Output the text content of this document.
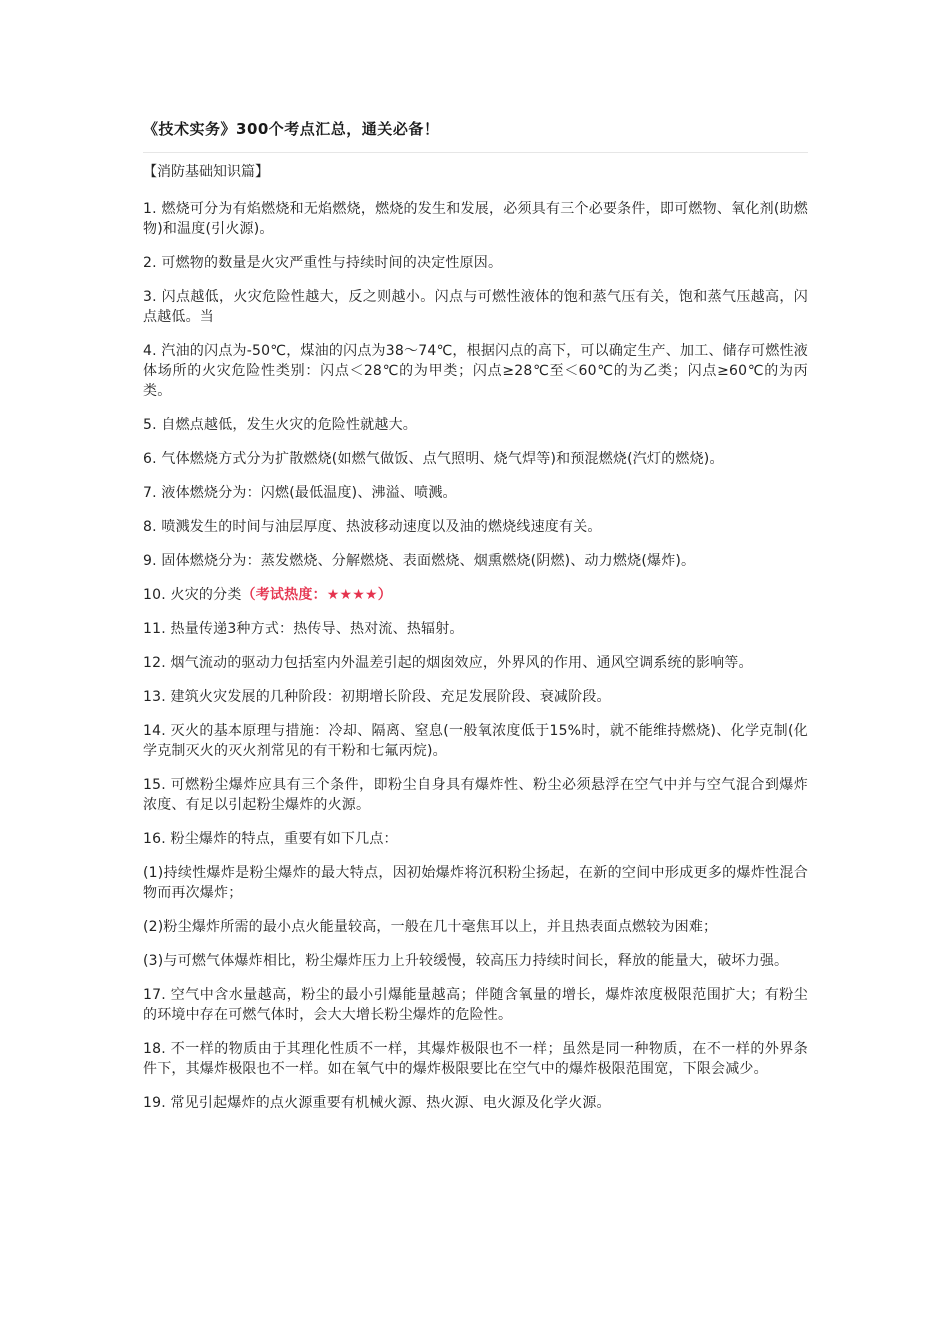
《技术实务》300个考点汇总，通关必备！

【消防基础知识篇】

1. 燃烧可分为有焰燃烧和无焰燃烧，燃烧的发生和发展，必须具有三个必要条件，即可燃物、氧化剂(助燃物)和温度(引火源)。

2. 可燃物的数量是火灾严重性与持续时间的决定性原因。

3. 闪点越低，火灾危险性越大，反之则越小。闪点与可燃性液体的饱和蒸气压有关，饱和蒸气压越高，闪点越低。当

4. 汽油的闪点为-50℃，煤油的闪点为38～74℃，根据闪点的高下，可以确定生产、加工、储存可燃性液体场所的火灾危险性类别：闪点＜28℃的为甲类；闪点≥28℃至＜60℃的为乙类；闪点≥60℃的为丙类。

5. 自燃点越低，发生火灾的危险性就越大。

6. 气体燃烧方式分为扩散燃烧(如燃气做饭、点气照明、烧气焊等)和预混燃烧(汽灯的燃烧)。

7. 液体燃烧分为：闪燃(最低温度)、沸溢、喷溅。

8. 喷溅发生的时间与油层厚度、热波移动速度以及油的燃烧线速度有关。

9. 固体燃烧分为：蒸发燃烧、分解燃烧、表面燃烧、烟熏燃烧(阴燃)、动力燃烧(爆炸)。

10. 火灾的分类（考试热度：★★★★）

11. 热量传递3种方式：热传导、热对流、热辐射。

12. 烟气流动的驱动力包括室内外温差引起的烟囱效应，外界风的作用、通风空调系统的影响等。

13. 建筑火灾发展的几种阶段：初期增长阶段、充足发展阶段、衰减阶段。

14. 灭火的基本原理与措施：冷却、隔离、窒息(一般氧浓度低于15%时，就不能维持燃烧)、化学克制(化学克制灭火的灭火剂常见的有干粉和七氟丙烷)。

15. 可燃粉尘爆炸应具有三个条件，即粉尘自身具有爆炸性、粉尘必须悬浮在空气中并与空气混合到爆炸浓度、有足以引起粉尘爆炸的火源。

16. 粉尘爆炸的特点，重要有如下几点：

(1)持续性爆炸是粉尘爆炸的最大特点，因初始爆炸将沉积粉尘扬起，在新的空间中形成更多的爆炸性混合物而再次爆炸；

(2)粉尘爆炸所需的最小点火能量较高，一般在几十毫焦耳以上，并且热表面点燃较为困难；

(3)与可燃气体爆炸相比，粉尘爆炸压力上升较缓慢，较高压力持续时间长，释放的能量大，破坏力强。

17. 空气中含水量越高，粉尘的最小引爆能量越高；伴随含氧量的增长，爆炸浓度极限范围扩大；有粉尘的环境中存在可燃气体时，会大大增长粉尘爆炸的危险性。

18. 不一样的物质由于其理化性质不一样，其爆炸极限也不一样；虽然是同一种物质，在不一样的外界条件下，其爆炸极限也不一样。如在氧气中的爆炸极限要比在空气中的爆炸极限范围宽，下限会减少。

19. 常见引起爆炸的点火源重要有机械火源、热火源、电火源及化学火源。
